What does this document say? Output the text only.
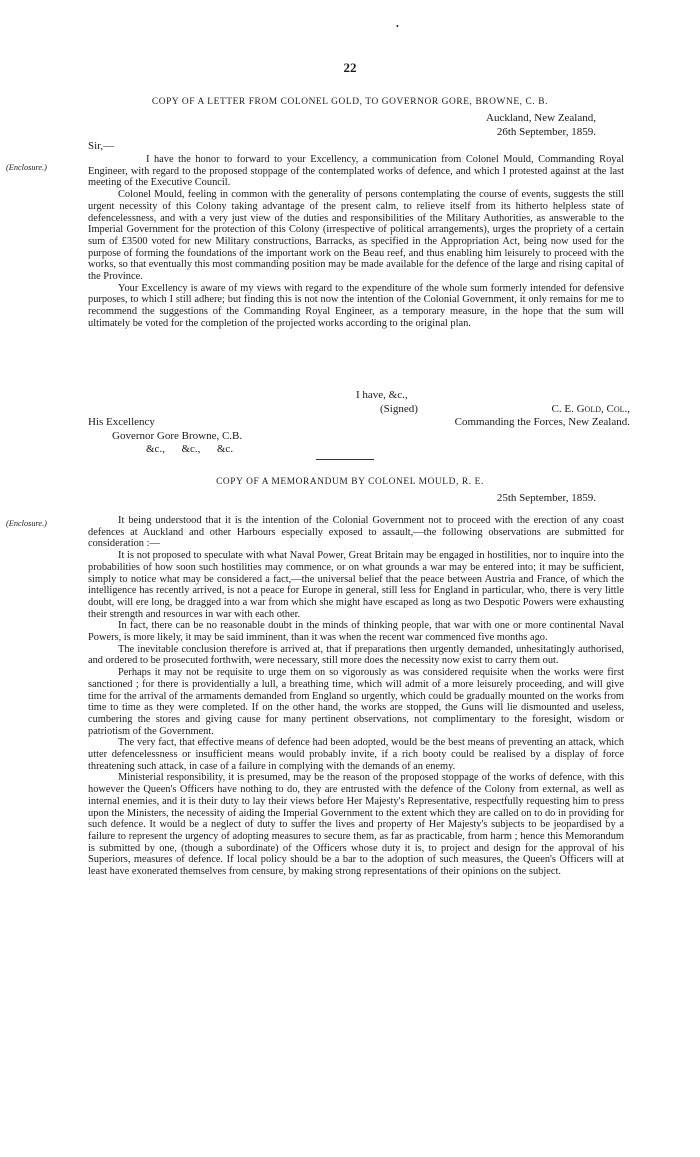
•
22
COPY OF A LETTER FROM COLONEL GOLD, TO GOVERNOR GORE, BROWNE, C. B.
Auckland, New Zealand,
26th September, 1859.
Sir,—
(Enclosure.)

I have the honor to forward to your Excellency, a communication from Colonel Mould, Commanding Royal Engineer, with regard to the proposed stoppage of the contemplated works of defence, and which I protested against at the last meeting of the Executive Council.

Colonel Mould, feeling in common with the generality of persons contemplating the course of events, suggests the still urgent necessity of this Colony taking advantage of the present calm, to relieve itself from its hitherto helpless state of defencelessness, and with a very just view of the duties and responsibilities of the Military Authorities, as answerable to the Imperial Government for the protection of this Colony (irrespective of political arrangements), urges the propriety of a certain sum of £3500 voted for new Military constructions, Barracks, as specified in the Appropriation Act, being now used for the purpose of forming the foundations of the important work on the Beau reef, and thus enabling him leisurely to proceed with the works, so that eventually this most commanding position may be made available for the defence of the large and rising capital of the Province.

Your Excellency is aware of my views with regard to the expenditure of the whole sum formerly intended for defensive purposes, to which I still adhere; but finding this is not now the intention of the Colonial Government, it only remains for me to recommend the suggestions of the Commanding Royal Engineer, as a temporary measure, in the hope that the sum will ultimately be voted for the completion of the projected works according to the original plan.

I have, &c.,
(Signed)	C. E. Gold, Col.,
Commanding the Forces, New Zealand.
His Excellency
Governor Gore Browne, C.B.
&c.,      &c.,      &c.
COPY OF A MEMORANDUM BY COLONEL MOULD, R. E.
25th September, 1859.
(Enclosure.)	It being understood that it is the intention of the Colonial Government not to proceed with the erection of any coast defences at Auckland and other Harbours especially exposed to assault,—the following observations are submitted for consideration :—

It is not proposed to speculate with what Naval Power, Great Britain may be engaged in hostilities, nor to inquire into the probabilities of how soon such hostilities may commence, or on what grounds a war may be entered into; it may be sufficient, simply to notice what may be considered a fact,—the universal belief that the peace between Austria and France, of which the intelligence has recently arrived, is not a peace for Europe in general, still less for England in particular, who, there is very little doubt, will ere long, be dragged into a war from which she might have escaped as long as two Despotic Powers were exhausting their strength and resources in war with each other.

In fact, there can be no reasonable doubt in the minds of thinking people, that war with one or more continental Naval Powers, is more likely, it may be said imminent, than it was when the recent war commenced five months ago.

The inevitable conclusion therefore is arrived at, that if preparations then urgently demanded, unhesitatingly authorised, and ordered to be prosecuted forthwith, were necessary, still more does the necessity now exist to carry them out.

Perhaps it may not be requisite to urge them on so vigorously as was considered requisite when the works were first sanctioned ; for there is providentially a lull, a breathing time, which will admit of a more leisurely proceeding, and will give time for the arrival of the armaments demanded from England so urgently, which could be gradually mounted on the works from time to time as they were completed. If on the other hand, the works are stopped, the Guns will lie dismounted and useless, cumbering the stores and giving cause for many pertinent observations, not complimentary to the foresight, wisdom or patriotism of the Government.

The very fact, that effective means of defence had been adopted, would be the best means of preventing an attack, which utter defencelessness or insufficient means would probably invite, if a rich booty could be realised by a display of force threatening such attack, in case of a failure in complying with the demands of an enemy.

Ministerial responsibility, it is presumed, may be the reason of the proposed stoppage of the works of defence, with this however the Queen's Officers have nothing to do, they are entrusted with the defence of the Colony from external, as well as internal enemies, and it is their duty to lay their views before Her Majesty's Representative, respectfully requesting him to press upon the Ministers, the necessity of aiding the Imperial Government to the extent which they are called on to do in providing for such defence. It would be a neglect of duty to suffer the lives and property of Her Majesty's subjects to be jeopardised by a failure to represent the urgency of adopting measures to secure them, as far as practicable, from harm ; hence this Memorandum is submitted by one, (though a subordinate) of the Officers whose duty it is, to project and design for the approval of his Superiors, measures of defence. If local policy should be a bar to the adoption of such measures, the Queen's Officers will at least have exonerated themselves from censure, by making strong representations of their opinions on the subject.
